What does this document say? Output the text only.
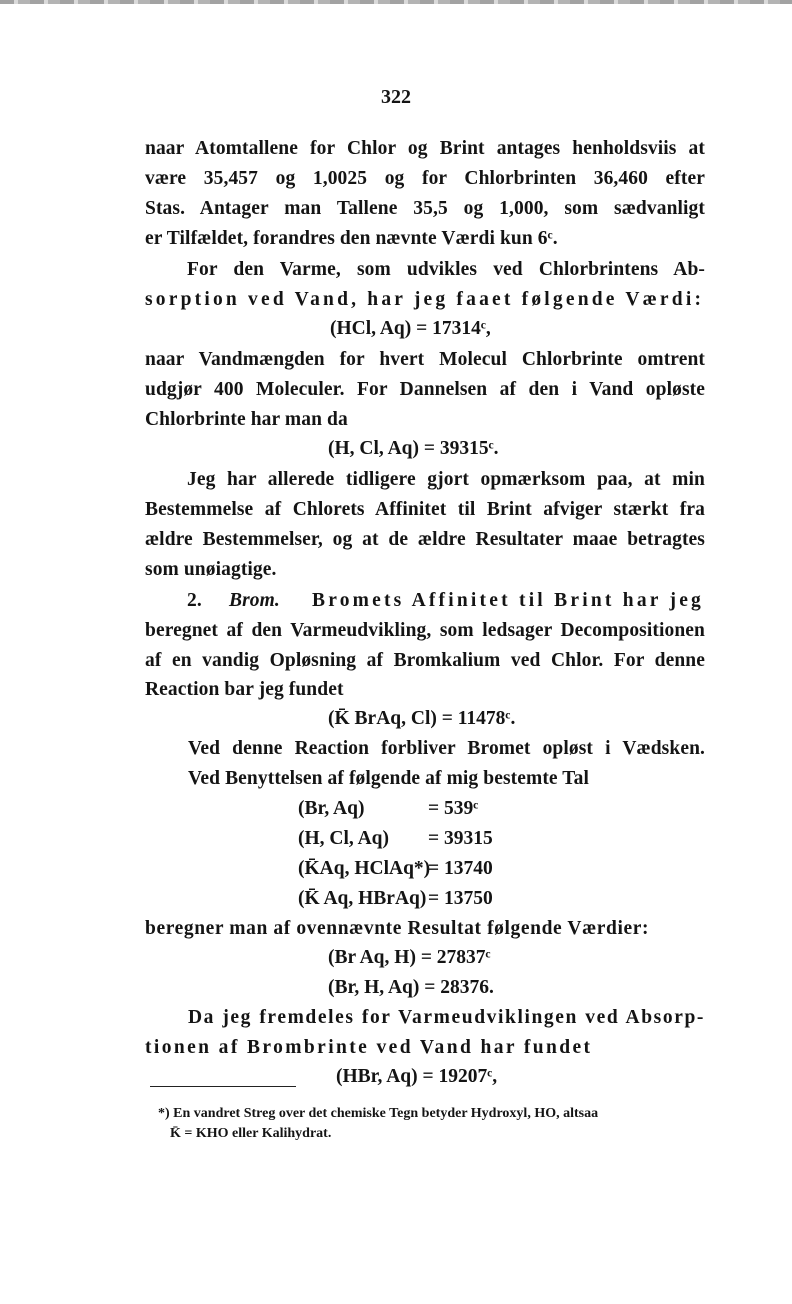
322
naar Atomtallene for Chlor og Brint antages henholdsviis at
være 35,457 og 1,0025 og for Chlorbrinten 36,460 efter
Stas. Antager man Tallene 35,5 og 1,000, som sædvanligt
er Tilfældet, forandres den nævnte Værdi kun 6ᶜ.
For den Varme, som udvikles ved Chlorbrintens Ab-
sorption ved Vand, har jeg faaet følgende Værdi:
(HCl, Aq) = 17314ᶜ,
naar Vandmængden for hvert Molecul Chlorbrinte omtrent
udgjør 400 Moleculer. For Dannelsen af den i Vand opløste
Chlorbrinte har man da
(H, Cl, Aq) = 39315ᶜ.
Jeg har allerede tidligere gjort opmærksom paa, at min
Bestemmelse af Chlorets Affinitet til Brint afviger stærkt fra
ældre Bestemmelser, og at de ældre Resultater maae betragtes
som unøiagtige.
2.	Brom.	Bromets Affinitet til Brint har jeg
beregnet af den Varmeudvikling, som ledsager Decompositionen
af en vandig Opløsning af Bromkalium ved Chlor. For denne
Reaction bar jeg fundet
(K̄ BrAq, Cl) = 11478ᶜ.
Ved denne Reaction forbliver Bromet opløst i Vædsken.
Ved Benyttelsen af følgende af mig bestemte Tal
(Br, Aq)	= 539ᶜ
(H, Cl, Aq) = 39315
(K̄Aq, HClAq*)= 13740
(K̄ Aq, HBrAq)= 13750
beregner man af ovennævnte Resultat følgende Værdier:
(Br Aq, H) = 27837ᶜ
(Br, H, Aq) = 28376.
Da jeg fremdeles for Varmeudviklingen ved Absorp-
tionen af Brombrinte ved Vand har fundet
(HBr, Aq) = 19207ᶜ,
*) En vandret Streg over det chemiske Tegn betyder Hydroxyl, HO, altsaa
K̄ = KHO eller Kalihydrat.
